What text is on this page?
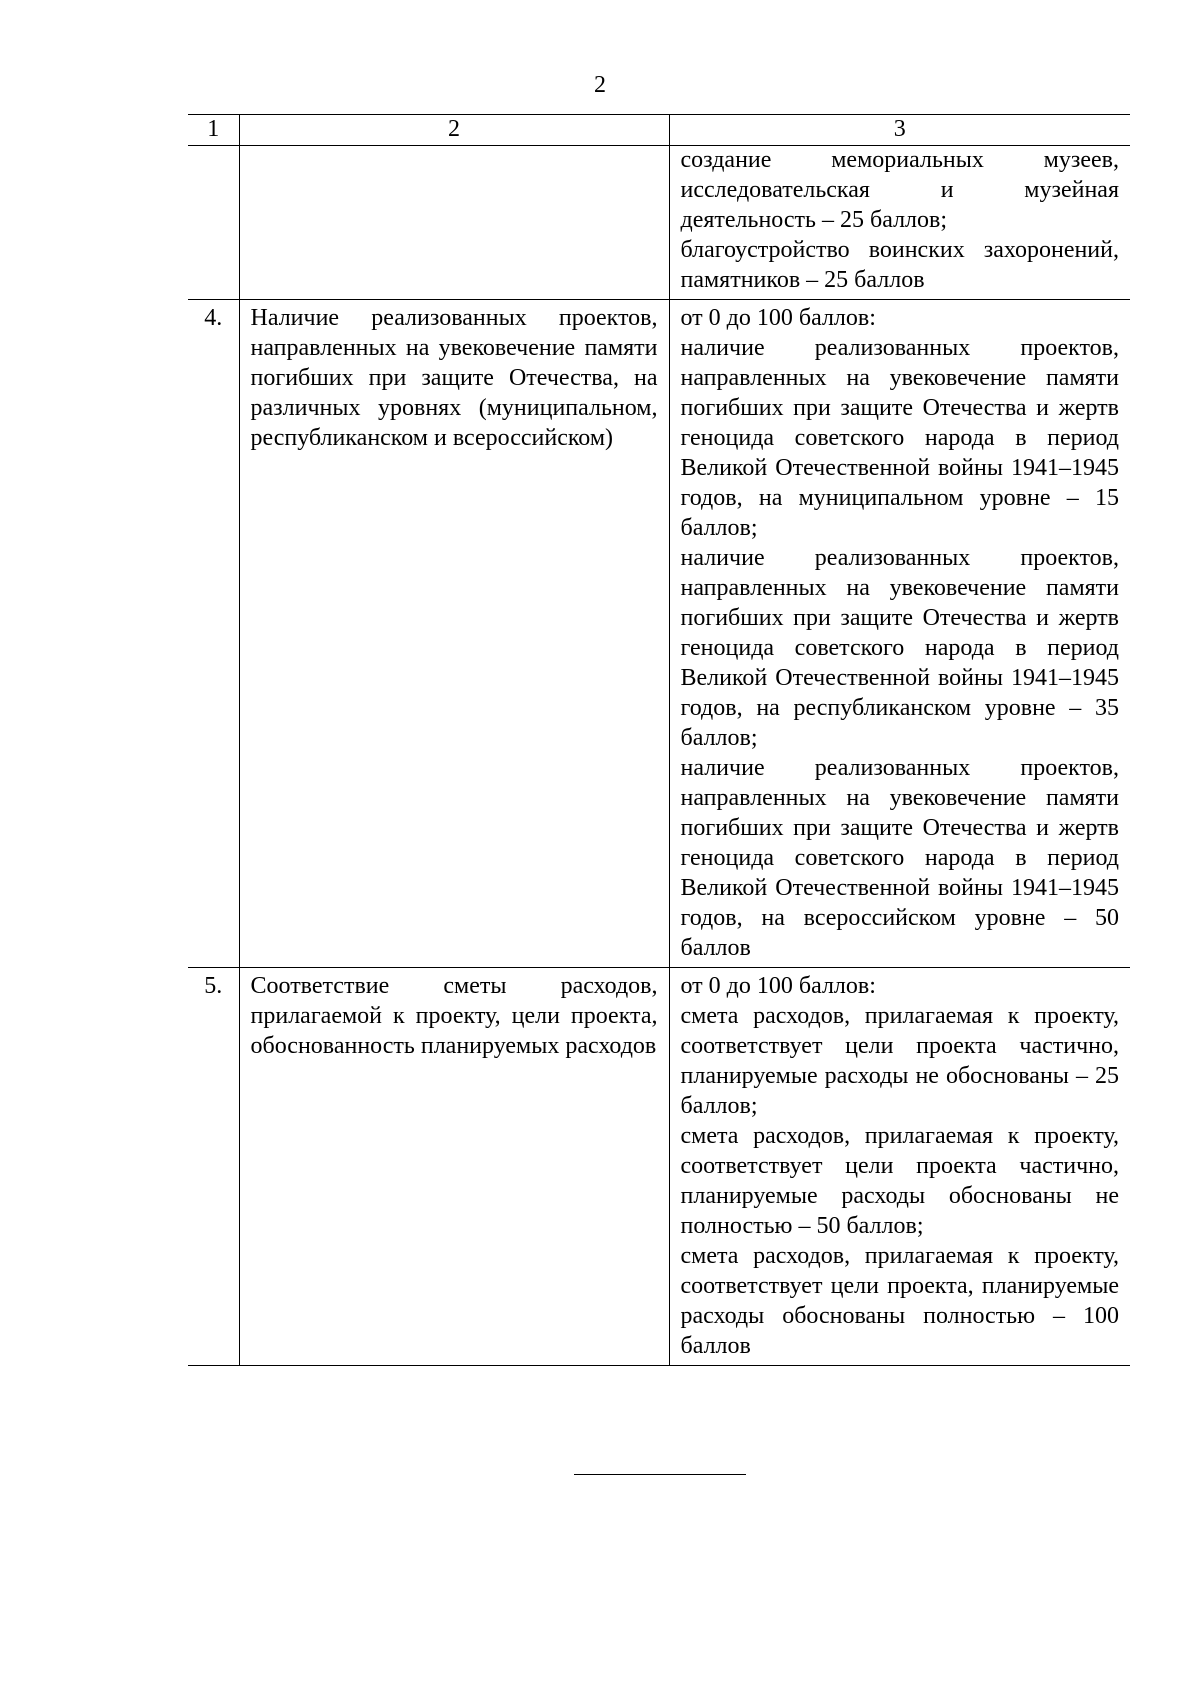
2
1	2	3

		создание мемориальных музеев, исследовательская и музейная деятельность – 25 баллов;
благоустройство воинских захоронений, памятников – 25 баллов

4.	Наличие реализованных проектов, направленных на увековечение памяти погибших при защите Отечества, на различных уровнях (муниципальном, республиканском и всероссийском)	от 0 до 100 баллов:
наличие реализованных проектов, направленных на увековечение памяти погибших при защите Отечества и жертв геноцида советского народа в период Великой Отечественной войны 1941–1945 годов, на муниципальном уровне – 15 баллов;
наличие реализованных проектов, направленных на увековечение памяти погибших при защите Отечества и жертв геноцида советского народа в период Великой Отечественной войны 1941–1945 годов, на республиканском уровне – 35 баллов;
наличие реализованных проектов, направленных на увековечение памяти погибших при защите Отечества и жертв геноцида советского народа в период Великой Отечественной войны 1941–1945 годов, на всероссийском уровне – 50 баллов

5.	Соответствие сметы расходов, прилагаемой к проекту, цели проекта, обоснованность планируемых расходов	от 0 до 100 баллов:
смета расходов, прилагаемая к проекту, соответствует цели проекта частично, планируемые расходы не обоснованы – 25 баллов;
смета расходов, прилагаемая к проекту, соответствует цели проекта частично, планируемые расходы обоснованы не полностью – 50 баллов;
смета расходов, прилагаемая к проекту, соответствует цели проекта, планируемые расходы обоснованы полностью – 100 баллов
